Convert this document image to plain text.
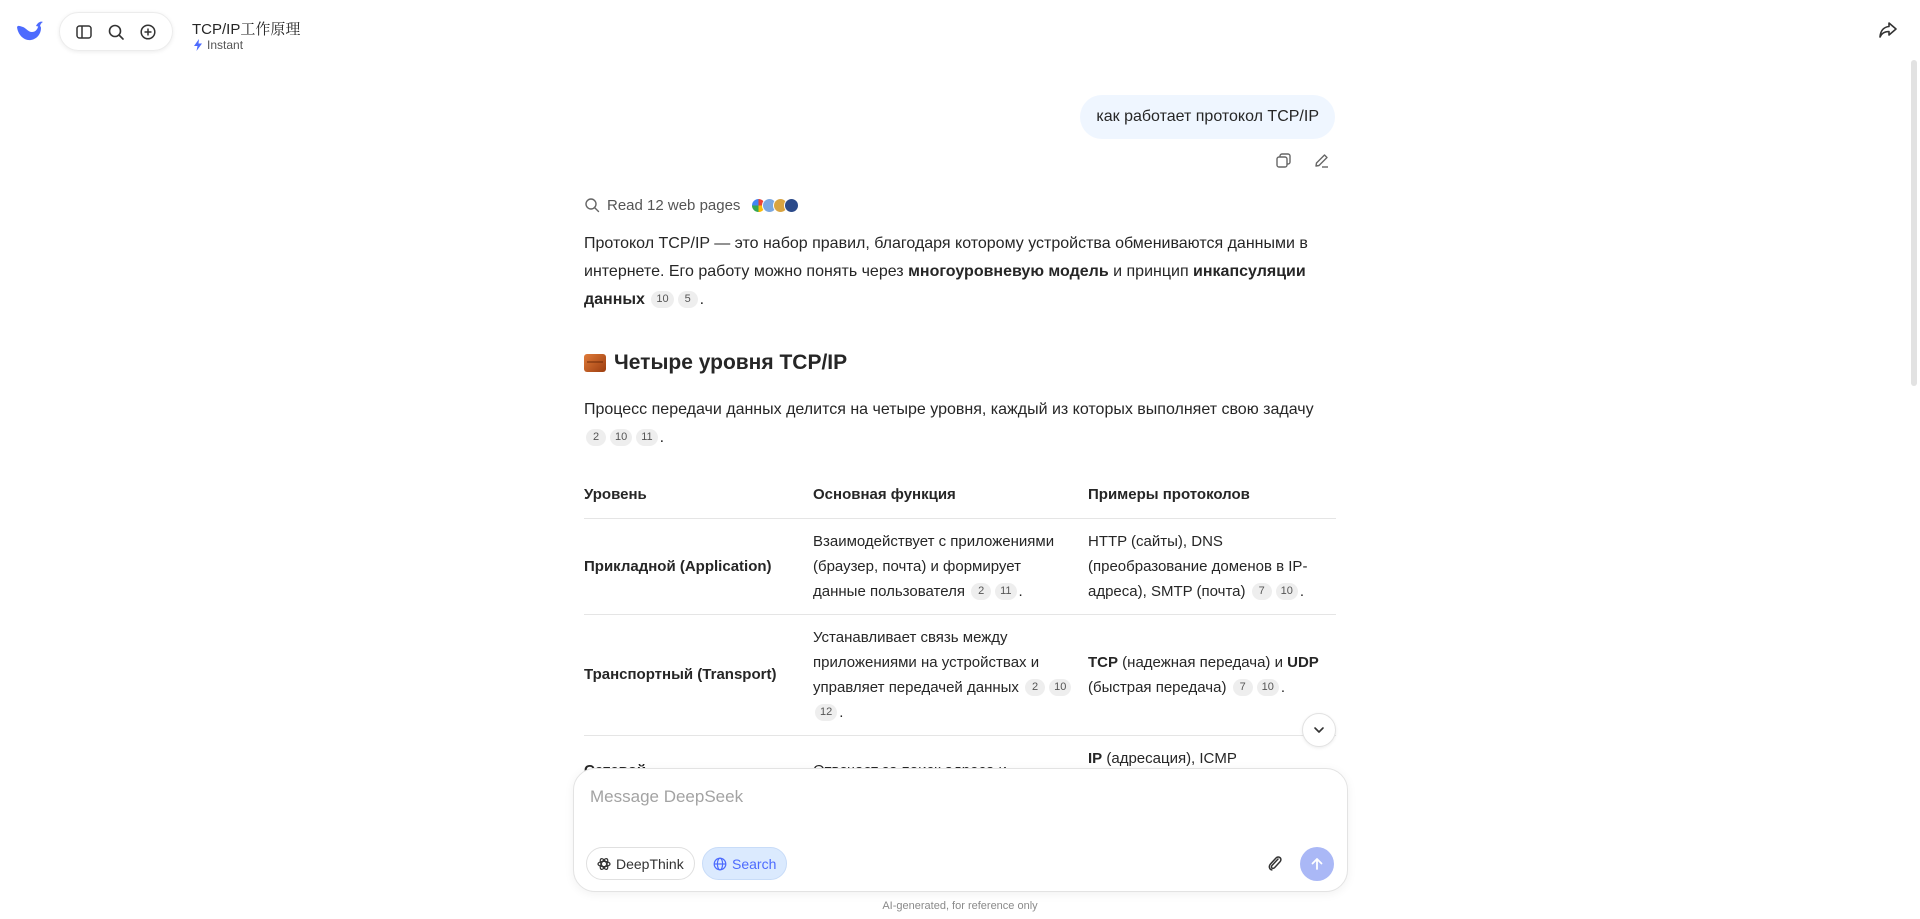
TCP/IP工作原理
Instant
как работает протокол TCP/IP
Read 12 web pages

Протокол TCP/IP — это набор правил, благодаря которому устройства обмениваются данными в интернете. Его работу можно понять через многоуровневую модель и принцип инкапсуляции данных 10 5 .

Четыре уровня TCP/IP

Процесс передачи данных делится на четыре уровня, каждый из которых выполняет свою задачу 2 10 11 .

Уровень	Основная функция	Примеры протоколов
Прикладной (Application)	Взаимодействует с приложениями (браузер, почта) и формирует данные пользователя 2 11 .	HTTP (сайты), DNS (преобразование доменов в IP-адреса), SMTP (почта) 7 10 .
Транспортный (Transport)	Устанавливает связь между приложениями на устройствах и управляет передачей данных 2 1012 .	TCP (надежная передача) и UDP (быстрая передача) 7 10 .
		IP (адресация), ICMP
Message DeepSeek
DeepThink	Search
AI-generated, for reference only
